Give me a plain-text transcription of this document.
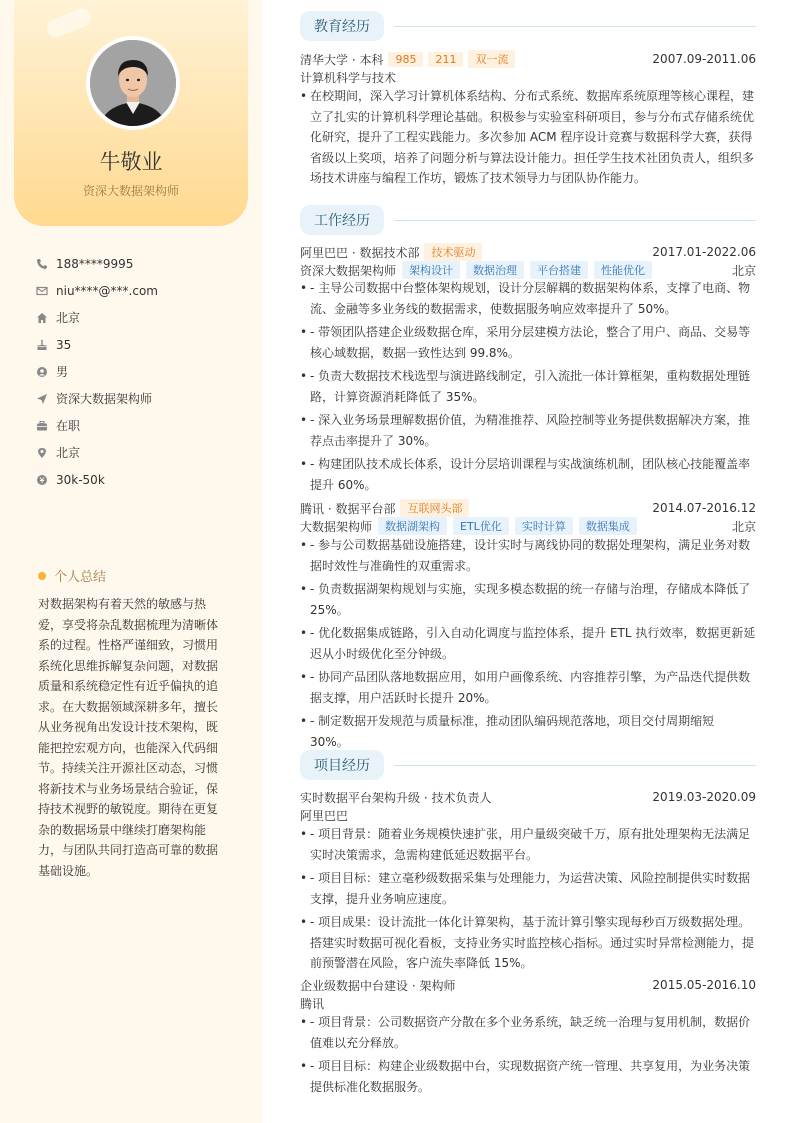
牛敬业
资深大数据架构师
188****9995
niu****@***.com
北京
35
男
资深大数据架构师
在职
北京
30k-50k
个人总结
对数据架构有着天然的敏感与热爱，享受将杂乱数据梳理为清晰体系的过程。性格严谨细致，习惯用系统化思维拆解复杂问题，对数据质量和系统稳定性有近乎偏执的追求。在大数据领域深耕多年，擅长从业务视角出发设计技术架构，既能把控宏观方向，也能深入代码细节。持续关注开源社区动态，习惯将新技术与业务场景结合验证，保持技术视野的敏锐度。期待在更复杂的数据场景中继续打磨架构能力，与团队共同打造高可靠的数据基础设施。
教育经历
清华大学 · 本科	985	211	双一流	2007.09-2011.06
计算机科学与技术
• 在校期间，深入学习计算机体系结构、分布式系统、数据库系统原理等核心课程，建立了扎实的计算机科学理论基础。积极参与实验室科研项目，参与分布式存储系统优化研究，提升了工程实践能力。多次参加 ACM 程序设计竞赛与数据科学大赛，获得省级以上奖项，培养了问题分析与算法设计能力。担任学生技术社团负责人，组织多场技术讲座与编程工作坊，锻炼了技术领导力与团队协作能力。
工作经历
阿里巴巴 · 数据技术部	技术驱动	2017.01-2022.06
资深大数据架构师	架构设计	数据治理	平台搭建	性能优化	北京
• - 主导公司数据中台整体架构规划，设计分层解耦的数据架构体系，支撑了电商、物流、金融等多业务线的数据需求，使数据服务响应效率提升了 50%。
• - 带领团队搭建企业级数据仓库，采用分层建模方法论，整合了用户、商品、交易等核心域数据，数据一致性达到 99.8%。
• - 负责大数据技术栈选型与演进路线制定，引入流批一体计算框架，重构数据处理链路，计算资源消耗降低了 35%。
• - 深入业务场景理解数据价值，为精准推荐、风险控制等业务提供数据解决方案，推荐点击率提升了 30%。
• - 构建团队技术成长体系，设计分层培训课程与实战演练机制，团队核心技能覆盖率提升 60%。
腾讯 · 数据平台部	互联网头部	2014.07-2016.12
大数据架构师	数据湖架构	ETL优化	实时计算	数据集成	北京
• - 参与公司数据基础设施搭建，设计实时与离线协同的数据处理架构，满足业务对数据时效性与准确性的双重需求。
• - 负责数据湖架构规划与实施，实现多模态数据的统一存储与治理，存储成本降低了 25%。
• - 优化数据集成链路，引入自动化调度与监控体系，提升 ETL 执行效率，数据更新延迟从小时级优化至分钟级。
• - 协同产品团队落地数据应用，如用户画像系统、内容推荐引擎，为产品迭代提供数据支撑，用户活跃时长提升 20%。
• - 制定数据开发规范与质量标准，推动团队编码规范落地，项目交付周期缩短 30%。
项目经历
实时数据平台架构升级 · 技术负责人	2019.03-2020.09
阿里巴巴
• - 项目背景：随着业务规模快速扩张，用户量级突破千万，原有批处理架构无法满足实时决策需求，急需构建低延迟数据平台。
• - 项目目标：建立毫秒级数据采集与处理能力，为运营决策、风险控制提供实时数据支撑，提升业务响应速度。
• - 项目成果：设计流批一体化计算架构，基于流计算引擎实现每秒百万级数据处理。搭建实时数据可视化看板，支持业务实时监控核心指标。通过实时异常检测能力，提前预警潜在风险，客户流失率降低 15%。
企业级数据中台建设 · 架构师	2015.05-2016.10
腾讯
• - 项目背景：公司数据资产分散在多个业务系统，缺乏统一治理与复用机制，数据价值难以充分释放。
• - 项目目标：构建企业级数据中台，实现数据资产统一管理、共享复用，为业务决策提供标准化数据服务。
